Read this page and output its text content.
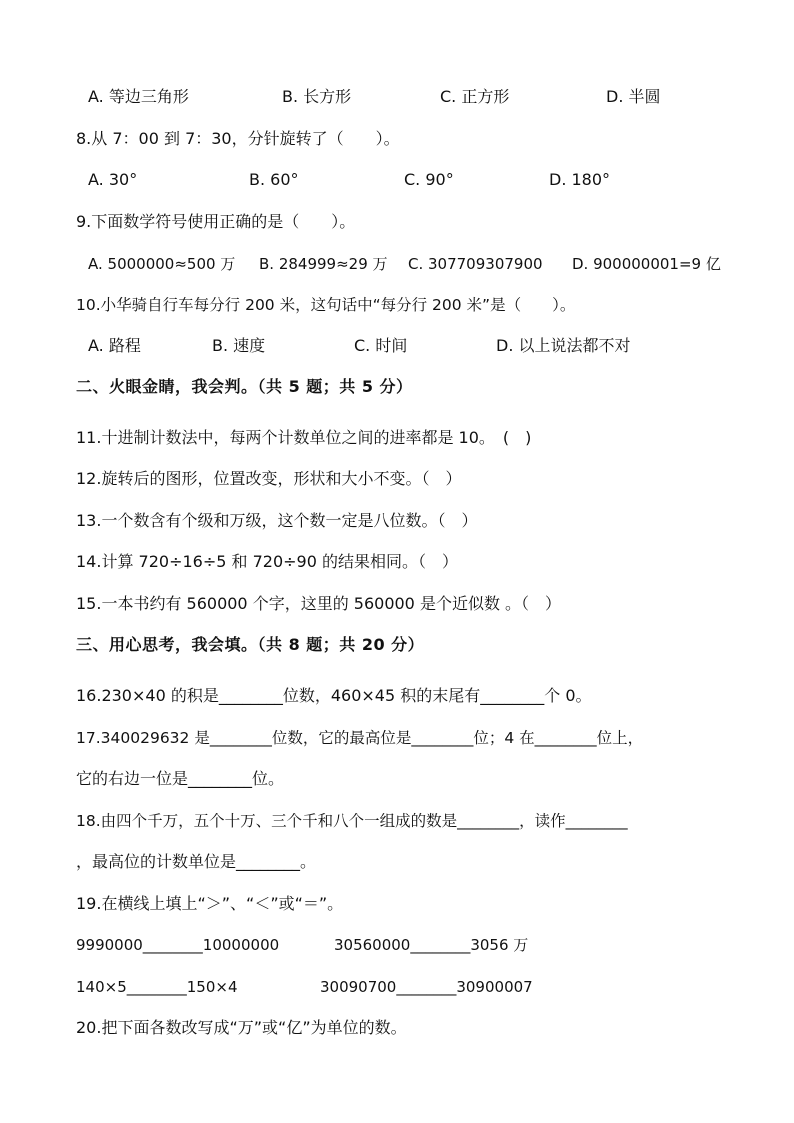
A. 等边三角形	B. 长方形	C. 正方形	D. 半圆
8.从 7：00 到 7：30，分针旋转了（　　）。
A. 30°	B. 60°	C. 90°	D. 180°
9.下面数学符号使用正确的是（　　）。
A. 5000000≈500 万 B. 284999≈29 万 C. 307709307900 D. 900000001=9 亿
10.小华骑自行车每分行 200 米，这句话中“每分行 200 米”是（　　）。
A. 路程	B. 速度	C. 时间	D. 以上说法都不对
二、火眼金睛，我会判。（共 5 题；共 5 分）
11.十进制计数法中，每两个计数单位之间的进率都是 10。　(　)
12.旋转后的图形，位置改变，形状和大小不变。（　）
13.一个数含有个级和万级，这个数一定是八位数。（　）
14.计算 720÷16÷5 和 720÷90 的结果相同。（　）
15.一本书约有 560000 个字，这里的 560000 是个近似数 。（　）
三、用心思考，我会填。（共 8 题；共 20 分）
16.230×40 的积是________位数，460×45 积的末尾有________个 0。
17.340029632 是________位数，它的最高位是________位；4 在________位上，
它的右边一位是________位。
18.由四个千万，五个十万、三个千和八个一组成的数是________，读作________
，最高位的计数单位是________。
19.在横线上填上“＞”、“＜”或“＝”。
9990000________10000000	30560000________3056 万
140×5________150×4	30090700________30900007
20.把下面各数改写成“万”或“亿”为单位的数。
